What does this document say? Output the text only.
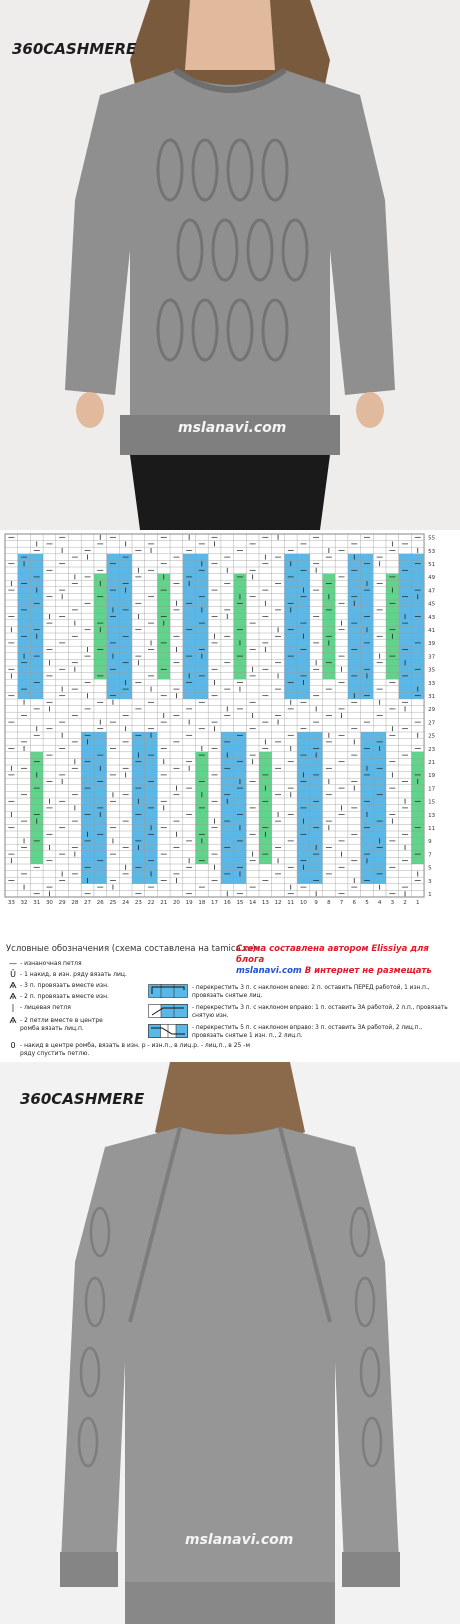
360CASHMERE
mslanavi.com
33 32 31 30 29 28 27 26 25 24 23 22 21 20 19 18 17 16 15 14 13 12 11 10 9 8 7 6 5 4 3 2 1
55
53
51
49
47
45
43
41
39
37
35
33
31
29
27
25
23
21
19
17
15
13
11
9
7
5
3
1
Условные обозначения (схема составлена на tamica.ru):
Схема составлена автором Elissiya для блога
mslanavi.com В интернет не размещать
— - изнаночная петля
Ū - 1 накид, в изн. ряду вязать лиц.
Ѧ - 3 п. провязать вместе изн.
Ѧ - 2 п. провязать вместе изн.
| - лицевая петля
Ѧ - 2 петли вместе в центре ромба вязать лиц.п.
0 - накид в центре ромба, вязать в изн. р - изн.п., в лиц.р. - лиц.п., в 25 -м ряду спустить петлю.
- перекрестить 3 п. с наклоном влево: 2 п. оставить ПЕРЕД работой, 1 изн.п., провязать снятые лиц.
- перекрестить 3 п. с наклоном вправо: 1 п. оставить ЗА работой, 2 л.п., провязать снятую изн.
- перекрестить 5 п. с наклоном вправо: 3 п. оставить ЗА работой, 2 лиц.п., провязать снятые 1 изн. п., 2 лиц.п.
360CASHMERE
mslanavi.com
